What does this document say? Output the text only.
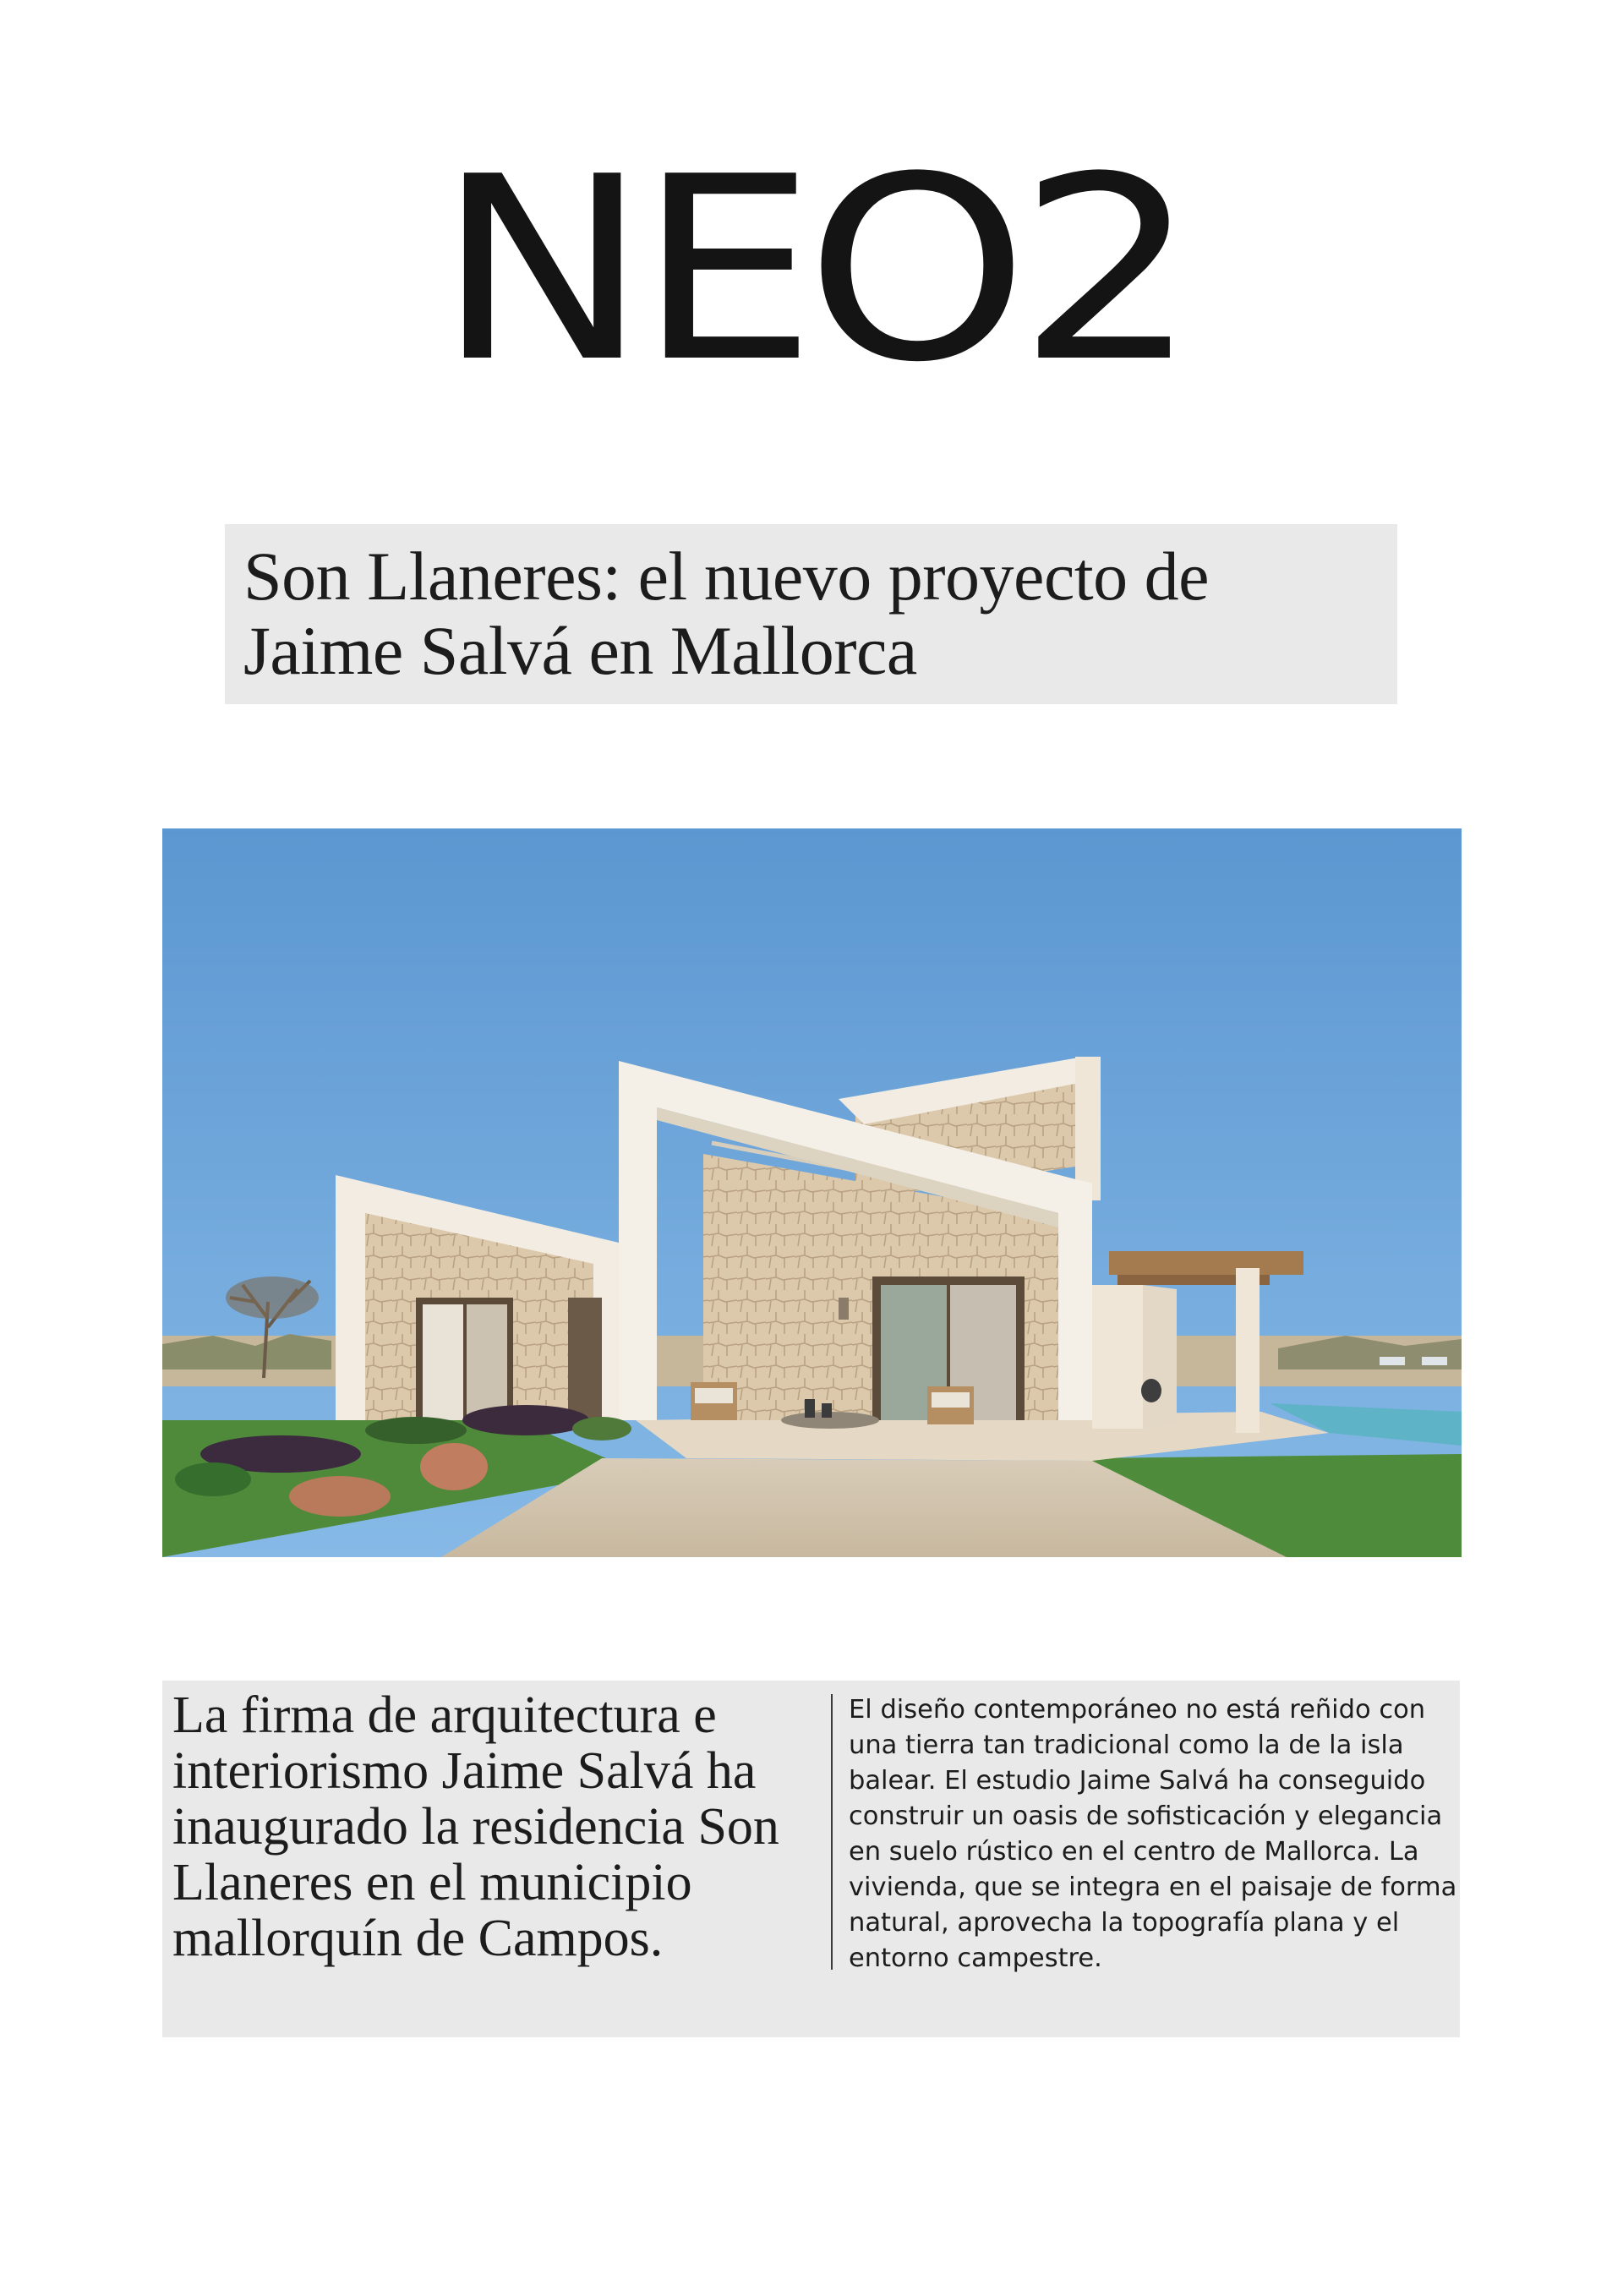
NEO2
Son Llaneres: el nuevo proyecto de Jaime Salvá en Mallorca

La firma de arquitectura e interiorismo Jaime Salvá ha inaugurado la residencia Son Llaneres en el municipio mallorquín de Campos.

El diseño contemporáneo no está reñido con una tierra tan tradicional como la de la isla balear. El estudio Jaime Salvá ha conseguido construir un oasis de sofisticación y elegancia en suelo rústico en el centro de Mallorca. La vivienda, que se integra en el paisaje de forma natural, aprovecha la topografía plana y el entorno campestre.
